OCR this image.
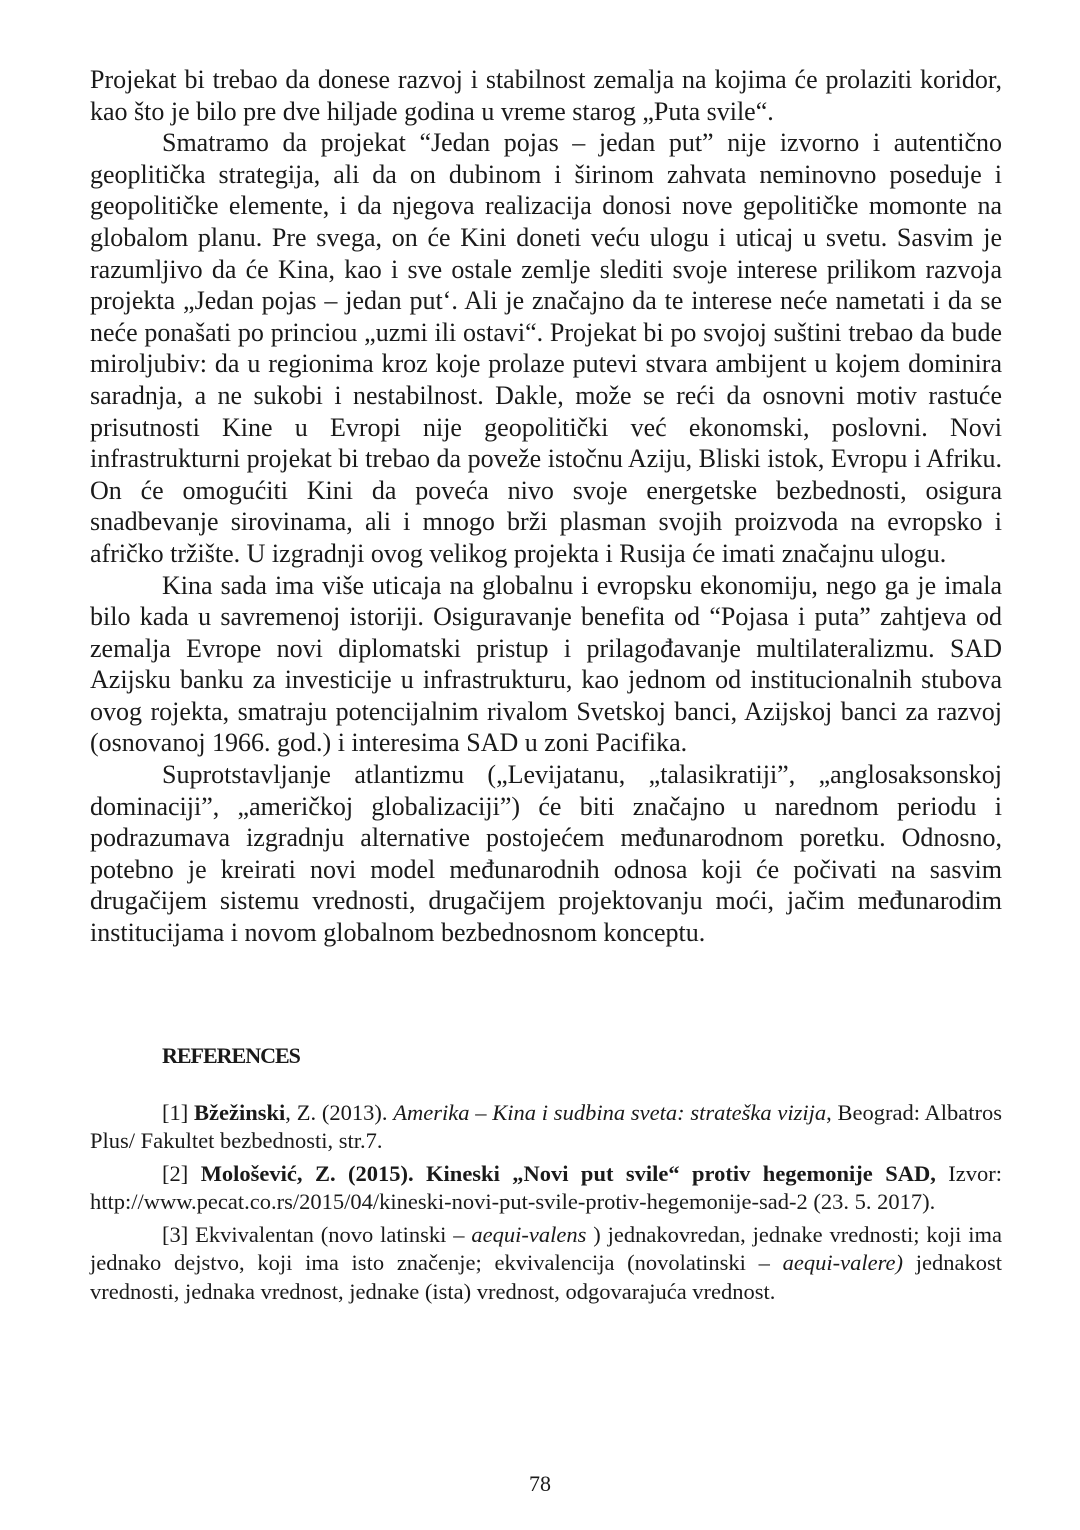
Projekat bi trebao da donese razvoj i stabilnost zemalja na kojima će prolaziti koridor, kao što je bilo pre dve hiljade godina u vreme starog „Puta svile“.

Smatramo da projekat “Jedan pojas – jedan put” nije izvorno i autentično geoplitička strategija, ali da on dubinom i širinom zahvata neminovno poseduje i geopolitičke elemente, i da njegova realizacija donosi nove gepolitičke momonte na globalom planu. Pre svega, on će Kini doneti veću ulogu i uticaj u svetu. Sasvim je razumljivo da će Kina, kao i sve ostale zemlje slediti svoje interese prilikom razvoja projekta „Jedan pojas – jedan put‘. Ali je značajno da te interese neće nametati i da se neće ponašati po princiou „uzmi ili ostavi“. Projekat bi po svojoj suštini trebao da bude miroljubiv: da u regionima kroz koje prolaze putevi stvara ambijent u kojem dominira saradnja, a ne sukobi i nestabilnost. Dakle, može se reći da osnovni motiv rastuće prisutnosti Kine u Evropi nije geopolitički već ekonomski, poslovni. Novi infrastrukturni projekat bi trebao da poveže istočnu Aziju, Bliski istok, Evropu i Afriku. On će omogućiti Kini da poveća nivo svoje energetske bezbednosti, osigura snadbevanje sirovinama, ali i mnogo brži plasman svojih proizvoda na evropsko i afričko tržište. U izgradnji ovog velikog projekta i Rusija će imati značajnu ulogu.

Kina sada ima više uticaja na globalnu i evropsku ekonomiju, nego ga je imala bilo kada u savremenoj istoriji. Osiguravanje benefita od “Pojasa i puta” zahtjeva od zemalja Evrope novi diplomatski pristup i prilagođavanje multilateralizmu. SAD Azijsku banku za investicije u infrastrukturu, kao jednom od institucionalnih stubova ovog rojekta, smatraju potencijalnim rivalom Svetskoj banci, Azijskoj banci za razvoj (osnovanoj 1966. god.) i interesima SAD u zoni Pacifika.

Suprotstavljanje atlantizmu („Levijatanu, „talasikratiji”, „anglosaksonskoj dominaciji”, „američkoj globalizaciji”) će biti značajno u narednom periodu i podrazumava izgradnju alternative postojećem međunarodnom poretku. Odnosno, potebno je kreirati novi model međunarodnih odnosa koji će počivati na sasvim drugačijem sistemu vrednosti, drugačijem projektovanju moći, jačim međunarodim institucijama i novom globalnom bezbednosnom konceptu.

REFERENCES

[1] Bžežinski, Z. (2013). Amerika – Kina i sudbina sveta: strateška vizija, Beograd: Albatros Plus/ Fakultet bezbednosti, str.7.

[2] Mološević, Z. (2015). Kineski „Novi put svile“ protiv hegemonije SAD, Izvor: http://www.pecat.co.rs/2015/04/kineski-novi-put-svile-protiv-hegemonije-sad-2 (23. 5. 2017).

[3] Ekvivalentan (novo latinski – aequi-valens ) jednakovredan, jednake vrednosti; koji ima jednako dejstvo, koji ima isto značenje; ekvivalencija (novolatinski – aequi-valere) jednakost vrednosti, jednaka vrednost, jednake (ista) vrednost, odgovarajuća vrednost.

78
